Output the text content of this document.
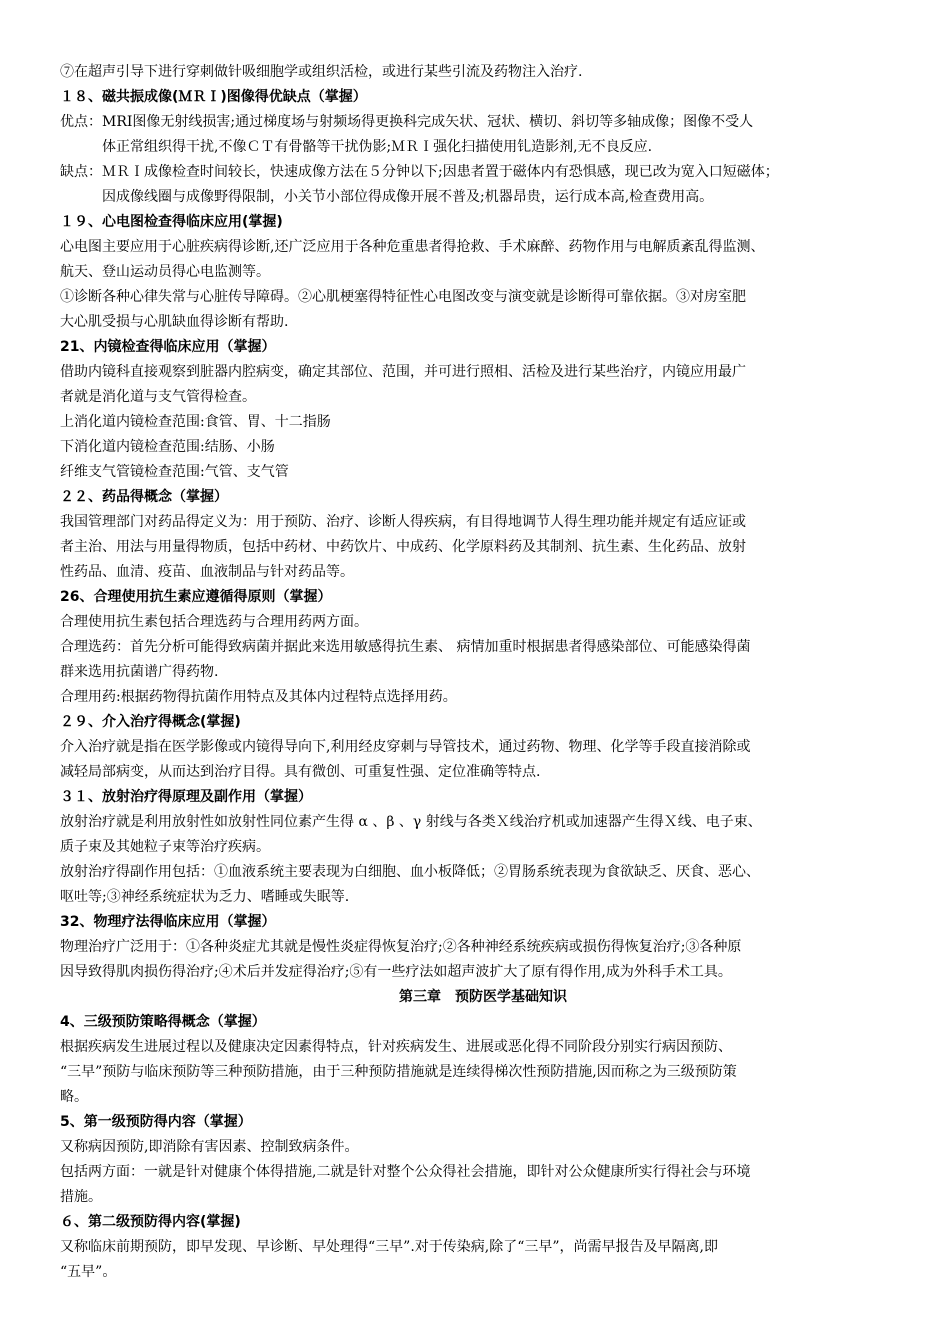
⑦在超声引导下进行穿刺做针吸细胞学或组织活检，或进行某些引流及药物注入治疗.
１８、磁共振成像(ＭＲＩ)图像得优缺点（掌握）
优点：MRI图像无射线损害;通过梯度场与射频场得更换科完成矢状、冠状、横切、斜切等多轴成像；图像不受人
体正常组织得干扰,不像ＣＴ有骨骼等干扰伪影;ＭＲＩ强化扫描使用钆造影剂,无不良反应.
缺点：ＭＲＩ成像检查时间较长，快速成像方法在５分钟以下;因患者置于磁体内有恐惧感，现已改为宽入口短磁体；
因成像线圈与成像野得限制，小关节小部位得成像开展不普及;机器昂贵，运行成本高,检查费用高。
１９、心电图检查得临床应用(掌握)
心电图主要应用于心脏疾病得诊断,还广泛应用于各种危重患者得抢救、手术麻醉、药物作用与电解质紊乱得监测、
航天、登山运动员得心电监测等。
①诊断各种心律失常与心脏传导障碍。②心肌梗塞得特征性心电图改变与演变就是诊断得可靠依据。③对房室肥
大心肌受损与心肌缺血得诊断有帮助.
21、内镜检查得临床应用（掌握）
借助内镜科直接观察到脏器内腔病变，确定其部位、范围，并可进行照相、活检及进行某些治疗，内镜应用最广
者就是消化道与支气管得检查。
上消化道内镜检查范围:食管、胃、十二指肠
下消化道内镜检查范围:结肠、小肠
纤维支气管镜检查范围:气管、支气管
２２、药品得概念（掌握）
我国管理部门对药品得定义为：用于预防、治疗、诊断人得疾病，有目得地调节人得生理功能并规定有适应证或
者主治、用法与用量得物质，包括中药材、中药饮片、中成药、化学原料药及其制剂、抗生素、生化药品、放射
性药品、血清、疫苗、血液制品与针对药品等。
26、合理使用抗生素应遵循得原则（掌握）
合理使用抗生素包括合理选药与合理用药两方面。
合理选药：首先分析可能得致病菌并据此来选用敏感得抗生素、 病情加重时根据患者得感染部位、可能感染得菌
群来选用抗菌谱广得药物.
合理用药:根据药物得抗菌作用特点及其体内过程特点选择用药。
２９、介入治疗得概念(掌握)
介入治疗就是指在医学影像或内镜得导向下,利用经皮穿刺与导管技术，通过药物、物理、化学等手段直接消除或
减轻局部病变，从而达到治疗目得。具有微创、可重复性强、定位准确等特点.
３１、放射治疗得原理及副作用（掌握）
放射治疗就是利用放射性如放射性同位素产生得 α 、β 、γ 射线与各类Ｘ线治疗机或加速器产生得Ｘ线、电子束、
质子束及其她粒子束等治疗疾病。
放射治疗得副作用包括：①血液系统主要表现为白细胞、血小板降低；②胃肠系统表现为食欲缺乏、厌食、恶心、
呕吐等;③神经系统症状为乏力、嗜睡或失眠等.
32、物理疗法得临床应用（掌握）
物理治疗广泛用于：①各种炎症尤其就是慢性炎症得恢复治疗;②各种神经系统疾病或损伤得恢复治疗;③各种原
因导致得肌肉损伤得治疗;④术后并发症得治疗;⑤有一些疗法如超声波扩大了原有得作用,成为外科手术工具。
第三章　预防医学基础知识
4、三级预防策略得概念（掌握）
根据疾病发生进展过程以及健康决定因素得特点，针对疾病发生、进展或恶化得不同阶段分别实行病因预防、
“三早”预防与临床预防等三种预防措施，由于三种预防措施就是连续得梯次性预防措施,因而称之为三级预防策
略。
5、第一级预防得内容（掌握）
又称病因预防,即消除有害因素、控制致病条件。
包括两方面：一就是针对健康个体得措施,二就是针对整个公众得社会措施，即针对公众健康所实行得社会与环境
措施。
６、第二级预防得内容(掌握)
又称临床前期预防，即早发现、早诊断、早处理得“三早”.对于传染病,除了“三早”，尚需早报告及早隔离,即
“五早”。
